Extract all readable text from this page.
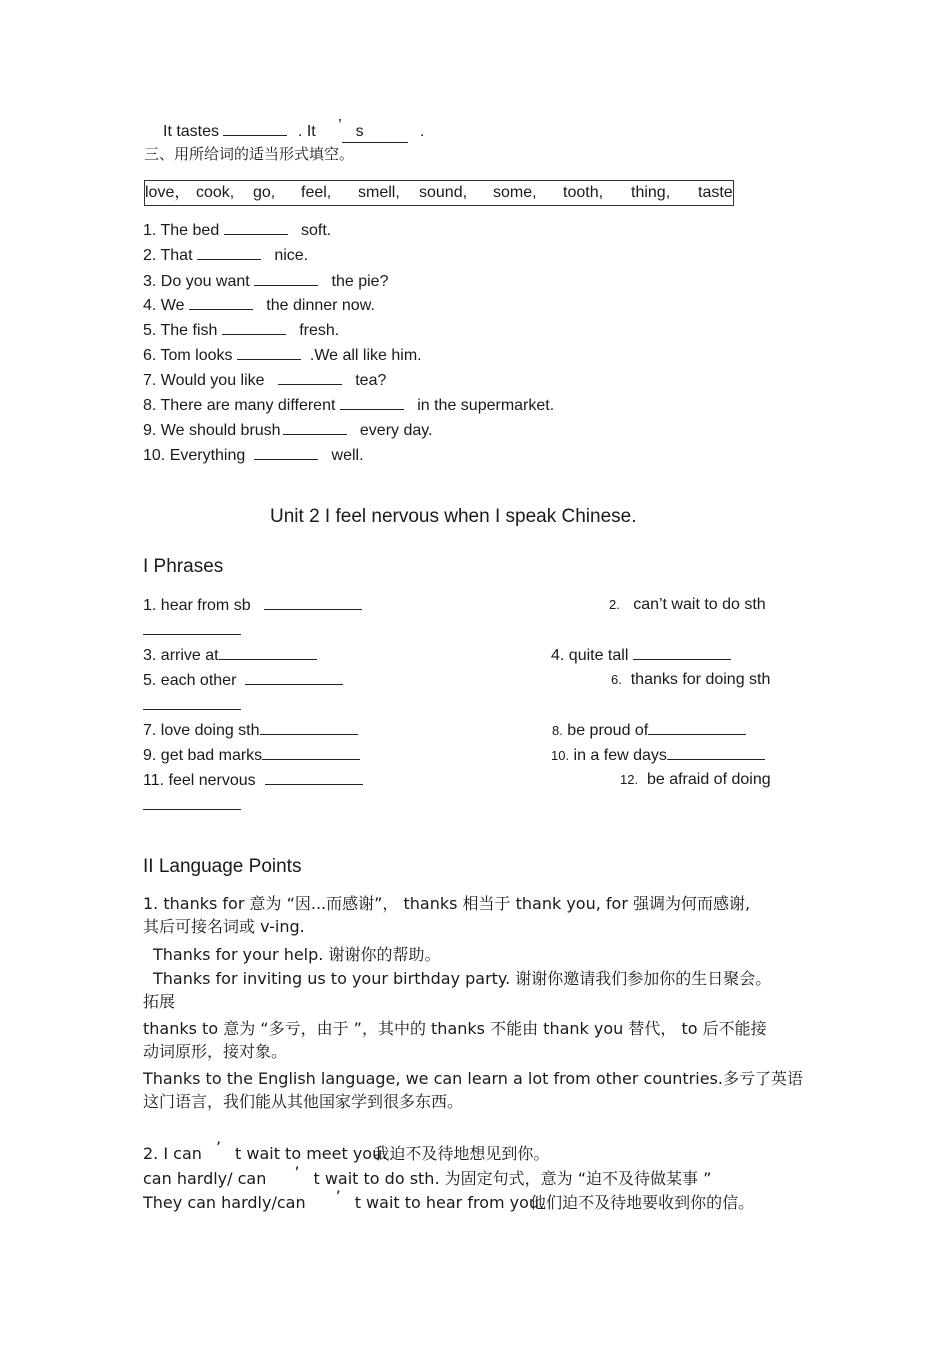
It tastes	. It ’ s	.
三、用所给词的适当形式填空。
love， cook, go, feel, smell, sound, some, tooth, thing, taste
1. The bed	soft.
2. That	nice.
3. Do you want	the pie?
4. We	the dinner now.
5. The fish	fresh.
6. Tom looks	.We all like him.
7. Would you like	tea?
8. There are many different	in the supermarket.
9. We should brush	every day.
10. Everything	well.
Unit 2 I feel nervous when I speak Chinese.
I Phrases
1. hear from sb	2. can’t wait to do sth
3. arrive at	4. quite tall
5. each other	6. thanks for doing sth
7. love doing sth	8. be proud of
9. get bad marks	10. in a few days
11. feel nervous	12. be afraid of doing
II Language Points
1. thanks for 意为 “因...而感谢”， thanks 相当于 thank you, for 强调为何而感谢,
其后可接名词或 v-ing.
Thanks for your help. 谢谢你的帮助。
Thanks for inviting us to your birthday party. 谢谢你邀请我们参加你的生日聚会。
拓展
thanks to 意为 “多亏，由于 ”，其中的 thanks 不能由 thank you 替代， to 后不能接
动词原形，接对象。
Thanks to the English language, we can learn a lot from other countries.多亏了英语
这门语言，我们能从其他国家学到很多东西。
2. I can ’ t wait to meet you.我迫不及待地想见到你。
can hardly/ can ’ t wait to do sth. 为固定句式，意为 “迫不及待做某事 ”
They can hardly/can ’ t wait to hear from you.他们迫不及待地要收到你的信。
